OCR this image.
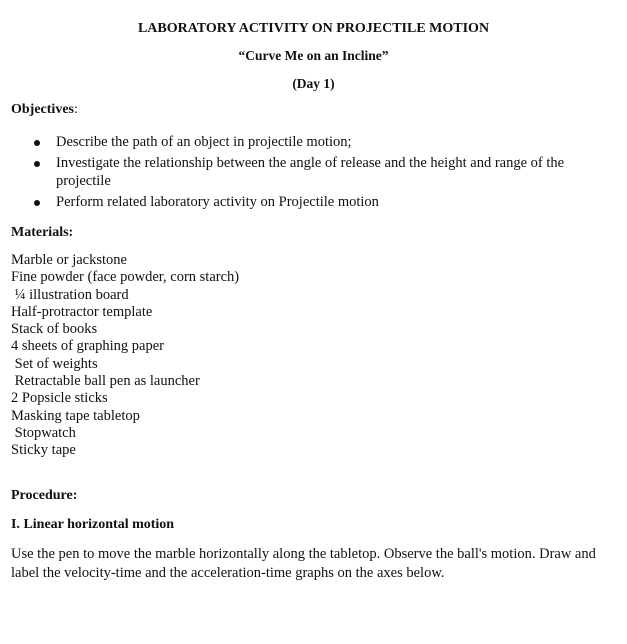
LABORATORY ACTIVITY ON PROJECTILE MOTION
“Curve Me on an Incline”
(Day 1)
Objectives:
Describe the path of an object in projectile motion;
Investigate the relationship between the angle of release and the height and range of the projectile
Perform related laboratory activity on Projectile motion
Materials:
Marble or jackstone
Fine powder (face powder, corn starch)
¼ illustration board
Half-protractor template
Stack of books
4 sheets of graphing paper
Set of weights
Retractable ball pen as launcher
2 Popsicle sticks
Masking tape tabletop
Stopwatch
Sticky tape
Procedure:
I. Linear horizontal motion

Use the pen to move the marble horizontally along the tabletop. Observe the ball's motion. Draw and label the velocity-time and the acceleration-time graphs on the axes below.
